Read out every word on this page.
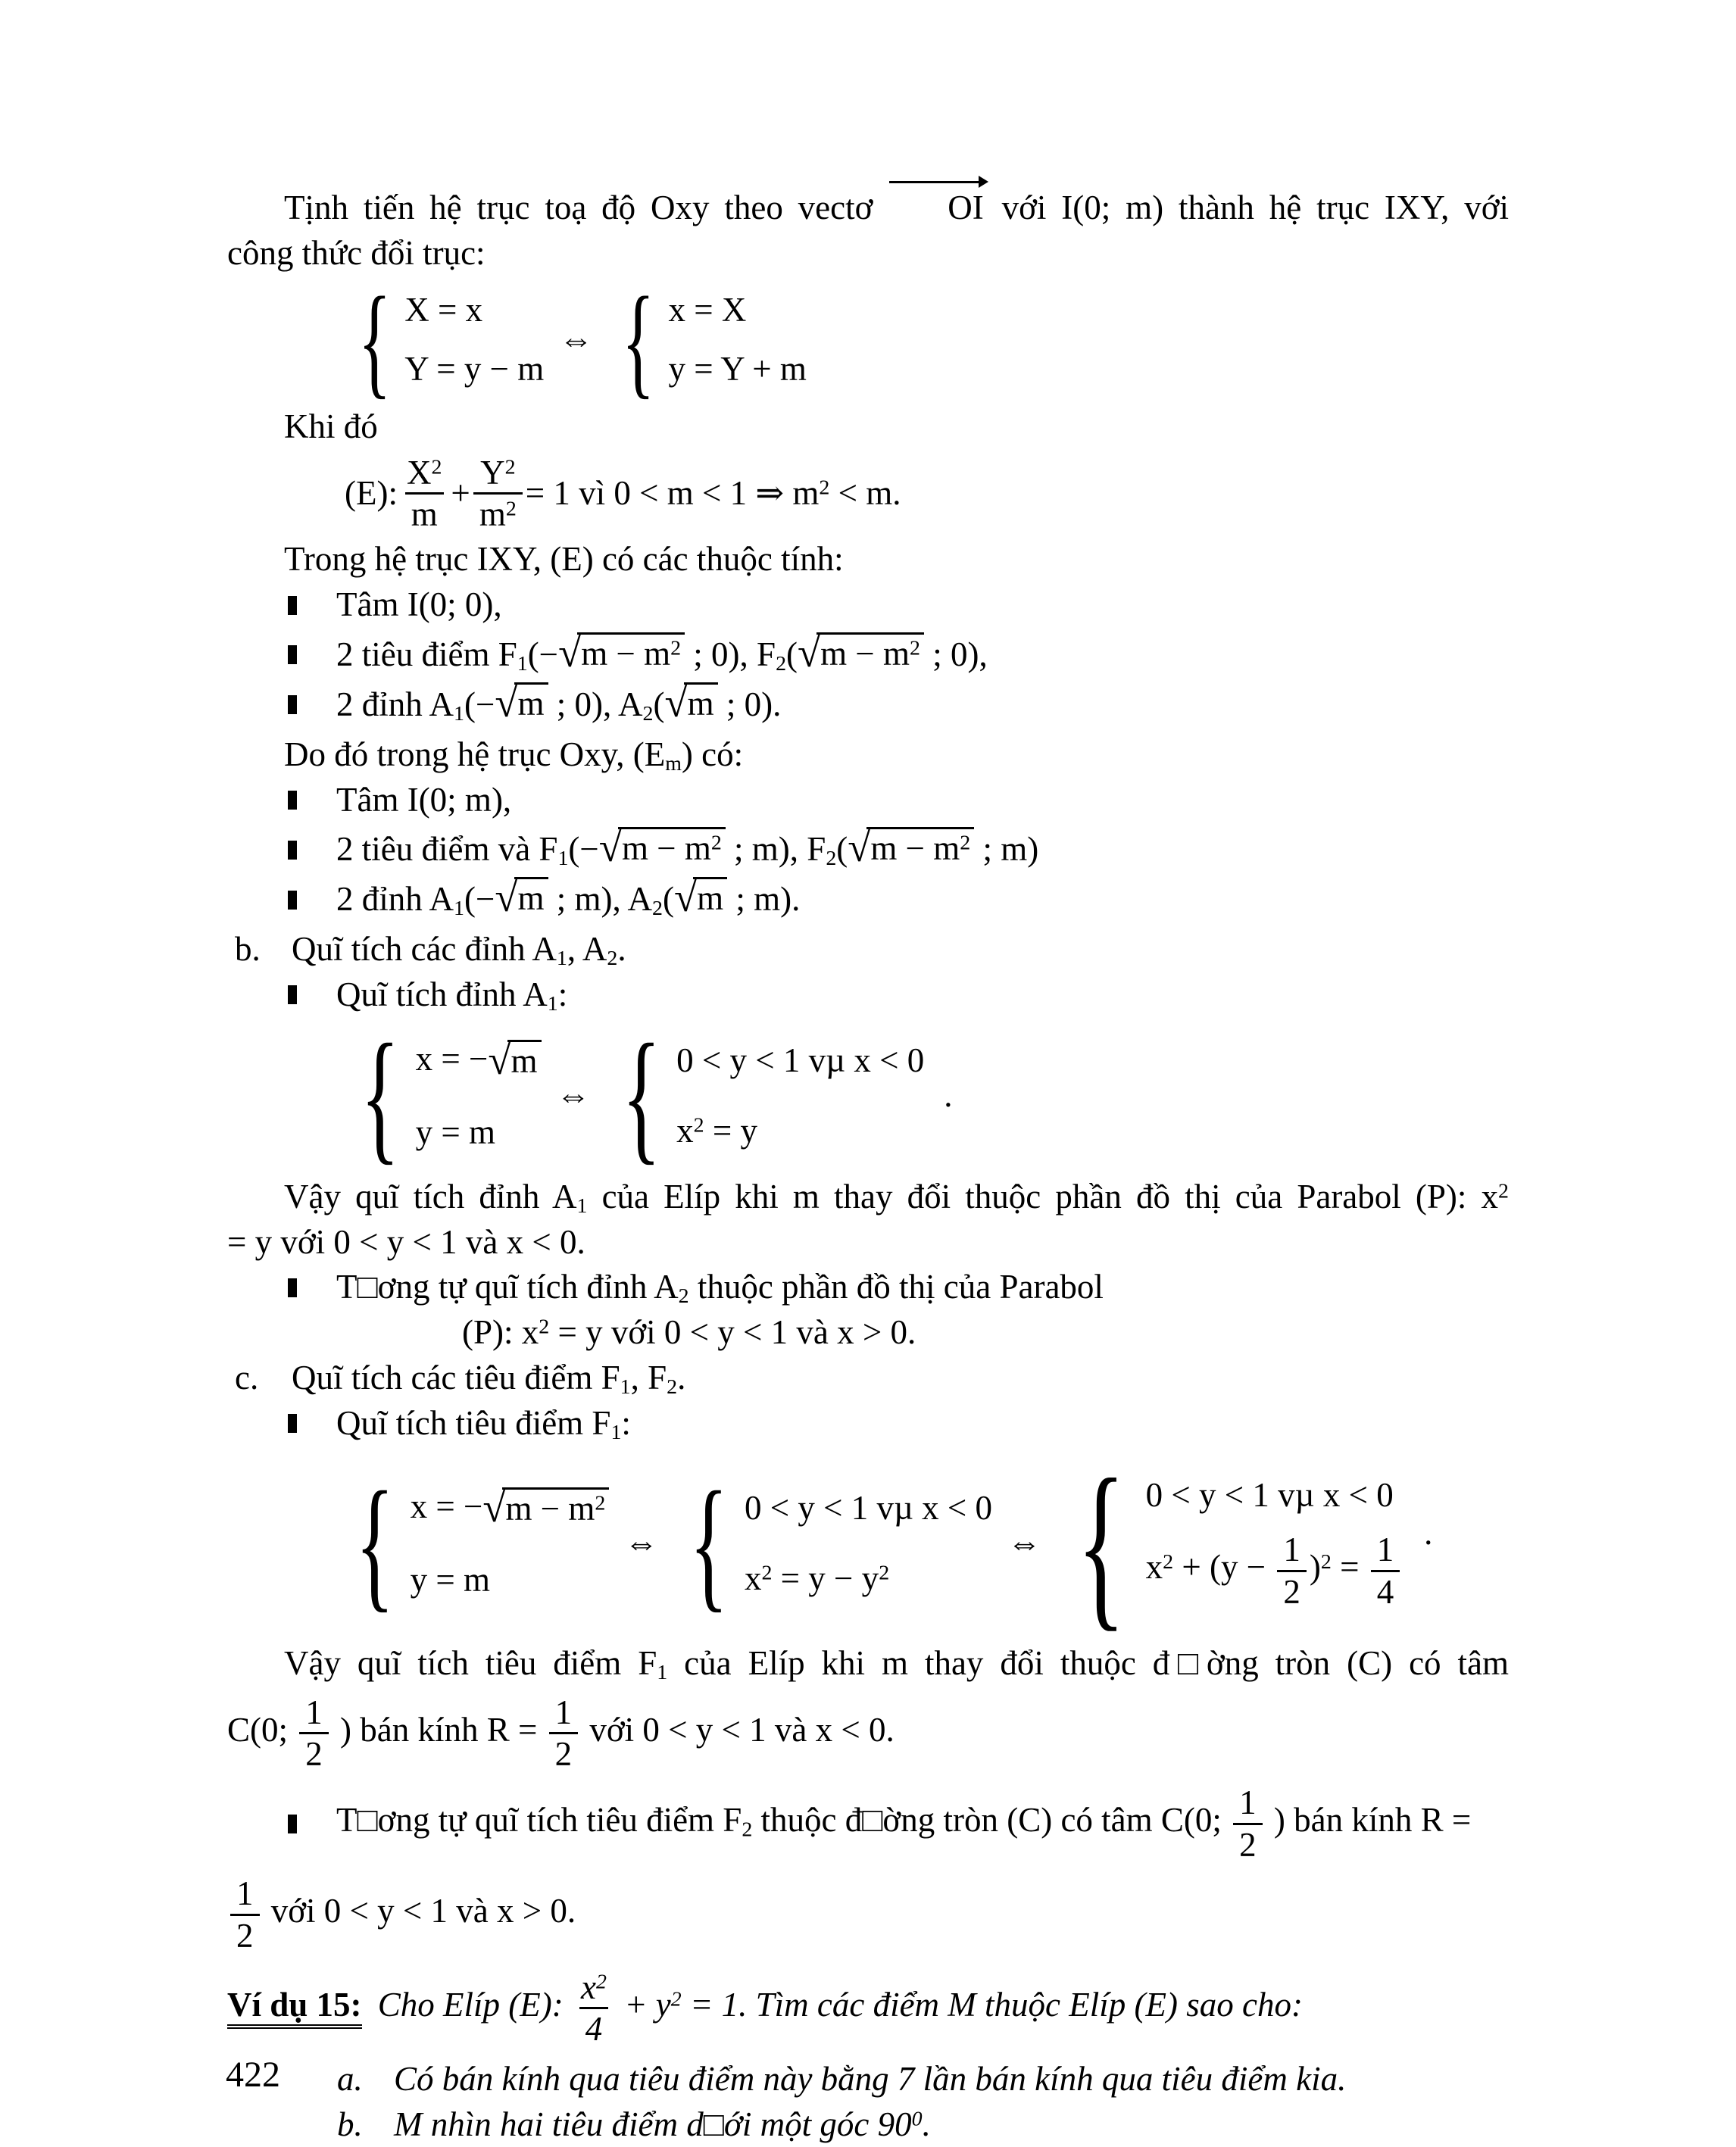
Tịnh tiến hệ trục toạ độ Oxy theo vectơ
OI với I(0; m) thành hệ trục IXY, với
công thức đổi trục:
{ X = x
Y = y − m
⇔ { x = X
y = Y + m
Khi đó
(E): $\frac{X^2}{m} + \frac{Y^2}{m^2} = 1$ vì 0 < m < 1 ⇒ $m^2 < m$.
Trong hệ trục IXY, (E) có các thuộc tính:
Tâm I(0; 0),
2 tiêu điểm $F_1(-√m - m^2$ ; 0), $F_2(√m - m^2$ ; 0),
2 đỉnh $A_1(-√m$ ; 0), $A_2(√m$ ; 0).
Do đó trong hệ trục Oxy, $(E_m)$ có:
Tâm I(0; m),
2 tiêu điểm và $F_1(-√m - m^2$ ; m), $F_2(√m - m^2$ ; m)
2 đỉnh $A_1(-√m$ ; m), $A_2(√m$ ; m).
b. Quĩ tích các đỉnh $A_1$, $A_2$.
Quĩ tích đỉnh $A_1$:
{ x = −√m
y = m
⇔ { 0 < y < 1 vµ x < 0
$x^2 = y$
.
Vậy quĩ tích đỉnh $A_1$ của Elíp khi m thay đổi thuộc phần đồ thị của Parabol (P): $x^2$
= y với 0 < y < 1 và x < 0.
T□ơng tự quĩ tích đỉnh $A_2$ thuộc phần đồ thị của Parabol
(P): $x^2 = y$ với 0 < y < 1 và x > 0.
c. Quĩ tích các tiêu điểm $F_1$, $F_2$.
Quĩ tích tiêu điểm $F_1$:
{ $x = -√m - m^2$
y = m
⇔ { 0 < y < 1 vµ x < 0
$x^2 = y - y^2$
⇔ { 0 < y < 1 vµ x < 0
$x^2 + (y - \frac{1}{2} )^2 = \frac{1}{4}$ ·
Vậy quĩ tích tiêu điểm $F_1$ của Elíp khi m thay đổi thuộc đ□ờng tròn (C) có tâm
C(0; $\frac{1}{2}$ ) bán kính $R = \frac{1}{2}$ với 0 < y < 1 và x < 0.
T□ơng tự quĩ tích tiêu điểm $F_2$ thuộc đ□ờng tròn (C) có tâm C(0; $\frac{1}{2}$ ) bán kính R =
$\frac{1}{2}$ với 0 < y < 1 và x > 0.
Ví dụ 15: Cho Elíp (E): $\frac{x^2}{4} + y^2 = 1$. Tìm các điểm M thuộc Elíp (E) sao cho:
a. Có bán kính qua tiêu điểm này bằng 7 lần bán kính qua tiêu điểm kia.
b. M nhìn hai tiêu điểm d□ới một góc $90^0$.
422
